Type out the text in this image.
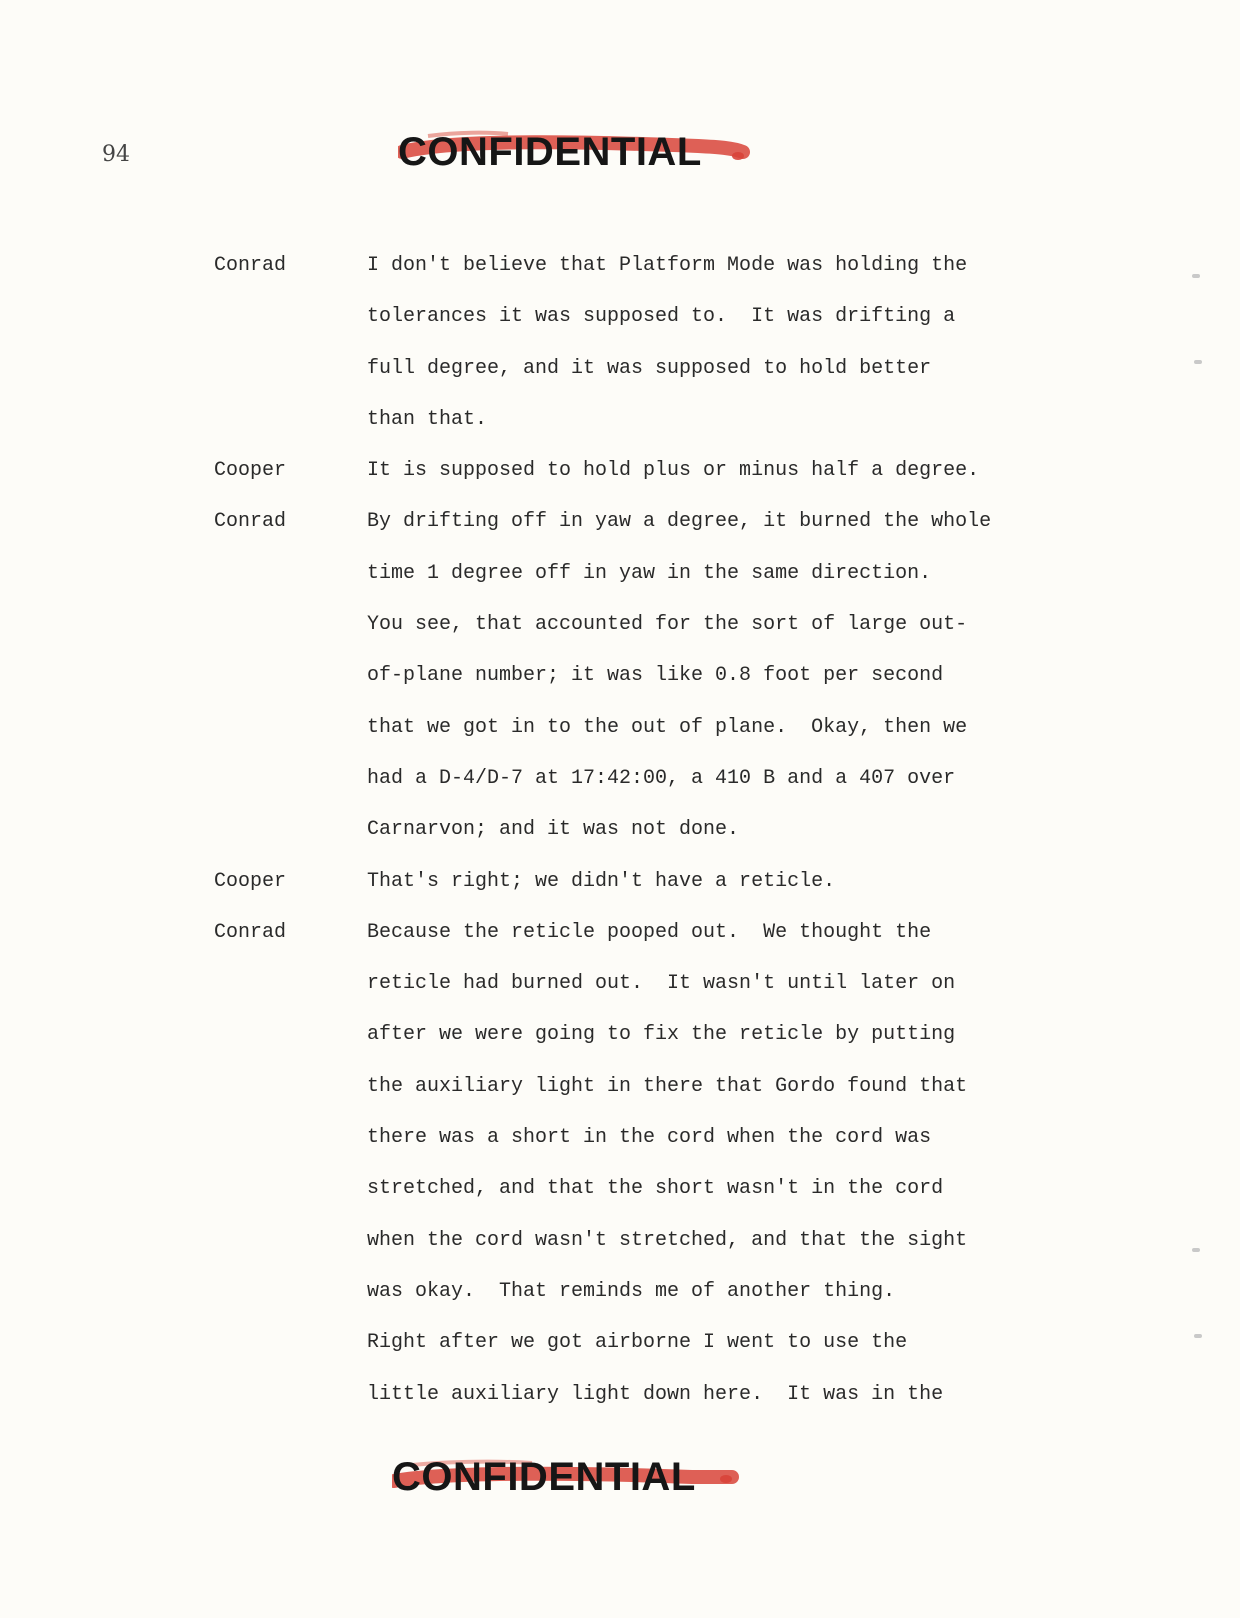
94	CONFIDENTIAL
Conrad	I don't believe that Platform Mode was holding the
tolerances it was supposed to.  It was drifting a
full degree, and it was supposed to hold better
than that.
Cooper	It is supposed to hold plus or minus half a degree.
Conrad	By drifting off in yaw a degree, it burned the whole
time 1 degree off in yaw in the same direction.
You see, that accounted for the sort of large out-
of-plane number; it was like 0.8 foot per second
that we got in to the out of plane.  Okay, then we
had a D-4/D-7 at 17:42:00, a 410 B and a 407 over
Carnarvon; and it was not done.
Cooper	That's right; we didn't have a reticle.
Conrad	Because the reticle pooped out.  We thought the
reticle had burned out.  It wasn't until later on
after we were going to fix the reticle by putting
the auxiliary light in there that Gordo found that
there was a short in the cord when the cord was
stretched, and that the short wasn't in the cord
when the cord wasn't stretched, and that the sight
was okay.  That reminds me of another thing.
Right after we got airborne I went to use the
little auxiliary light down here.  It was in the
CONFIDENTIAL
